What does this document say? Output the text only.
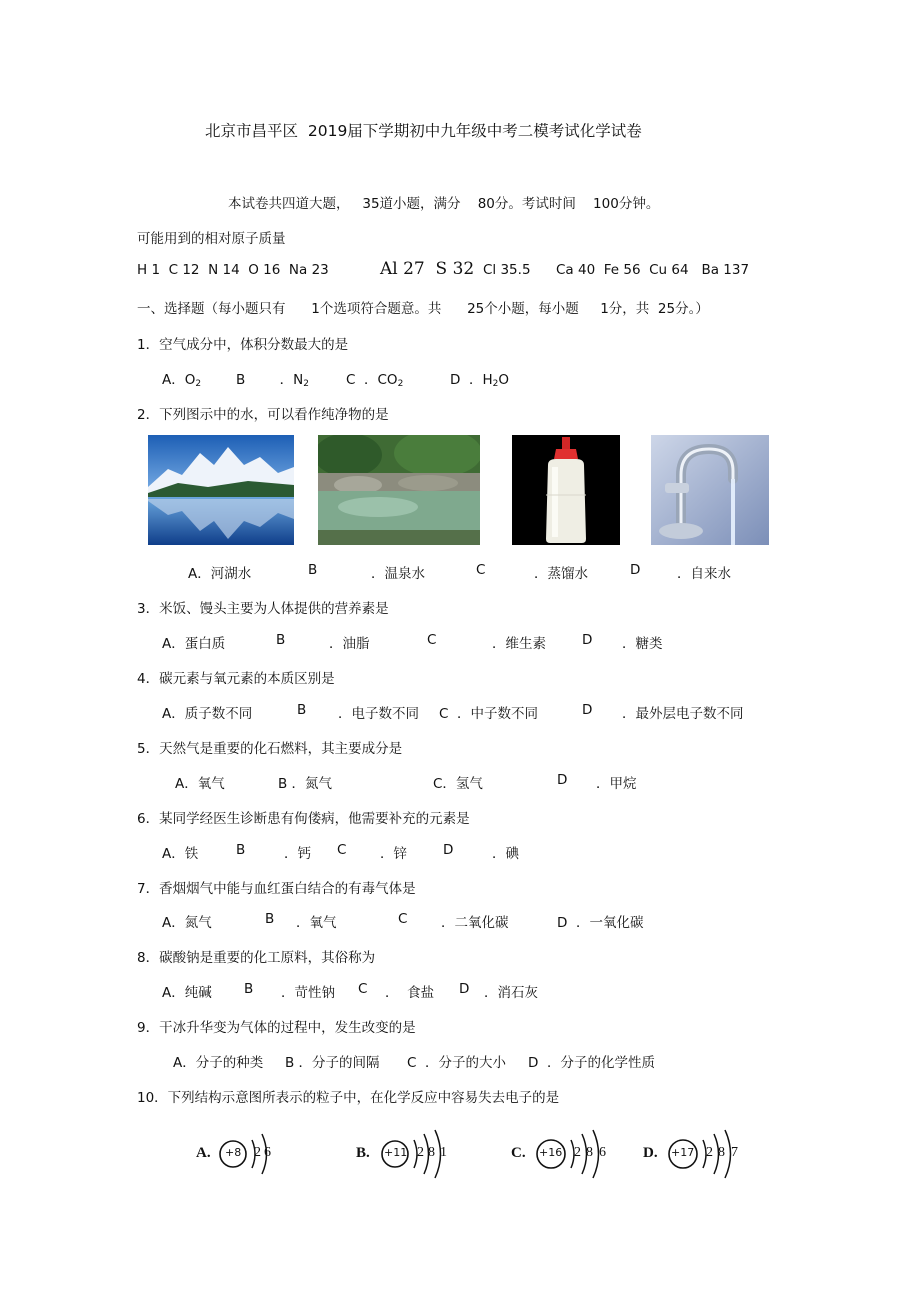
北京市昌平区  2019届下学期初中九年级中考二模考试化学试卷
本试卷共四道大题，   35道小题，满分    80分。考试时间    100分钟。
可能用到的相对原子质量
H 1  C 12  N 14  O 16  Na 23	Al 27  S 32 Cl 35.5 Ca 40  Fe 56  Cu 64   Ba 137
一、选择题（每小题只有      1个选项符合题意。共      25个小题，每小题     1分，共  25分。）
1．空气成分中，体积分数最大的是
A．$O_2$	B        ．$N_2$	C  ．$CO_2$	D  ．$H_2O$
2．下列图示中的水，可以看作纯净物的是
A．河湖水	B	．温泉水	C	．蒸馏水	D	．自来水
3．米饭、馒头主要为人体提供的营养素是
A．蛋白质	B	．油脂	C	．维生素	D ．糖类
4．碳元素与氧元素的本质区别是
A．质子数不同	B ．电子数不同 C  ．中子数不同	D ．最外层电子数不同
5．天然气是重要的化石燃料，其主要成分是
A．氧气	B ．氮气	C．氢气	D ．甲烷
6．某同学经医生诊断患有佝偻病，他需要补充的元素是
A．铁	B	．钙 C ．锌	D	．碘
7．香烟烟气中能与血红蛋白结合的有毒气体是
A．氮气	B ．氧气	C ．二氧化碳	D  ．一氧化碳
8．碳酸钠是重要的化工原料，其俗称为
A．纯碱 B ．苛性钠 C ．  食盐 D ．消石灰
9．干冰升华变为气体的过程中，发生改变的是
A．分子的种类 B ．分子的间隔 C  ．分子的大小 D  ．分子的化学性质
10．下列结构示意图所表示的粒子中，在化学反应中容易失去电子的是
A. +8 2 6	B. +11 2 8 1	C. +16 2 8 6 D. +17 2 8 7
